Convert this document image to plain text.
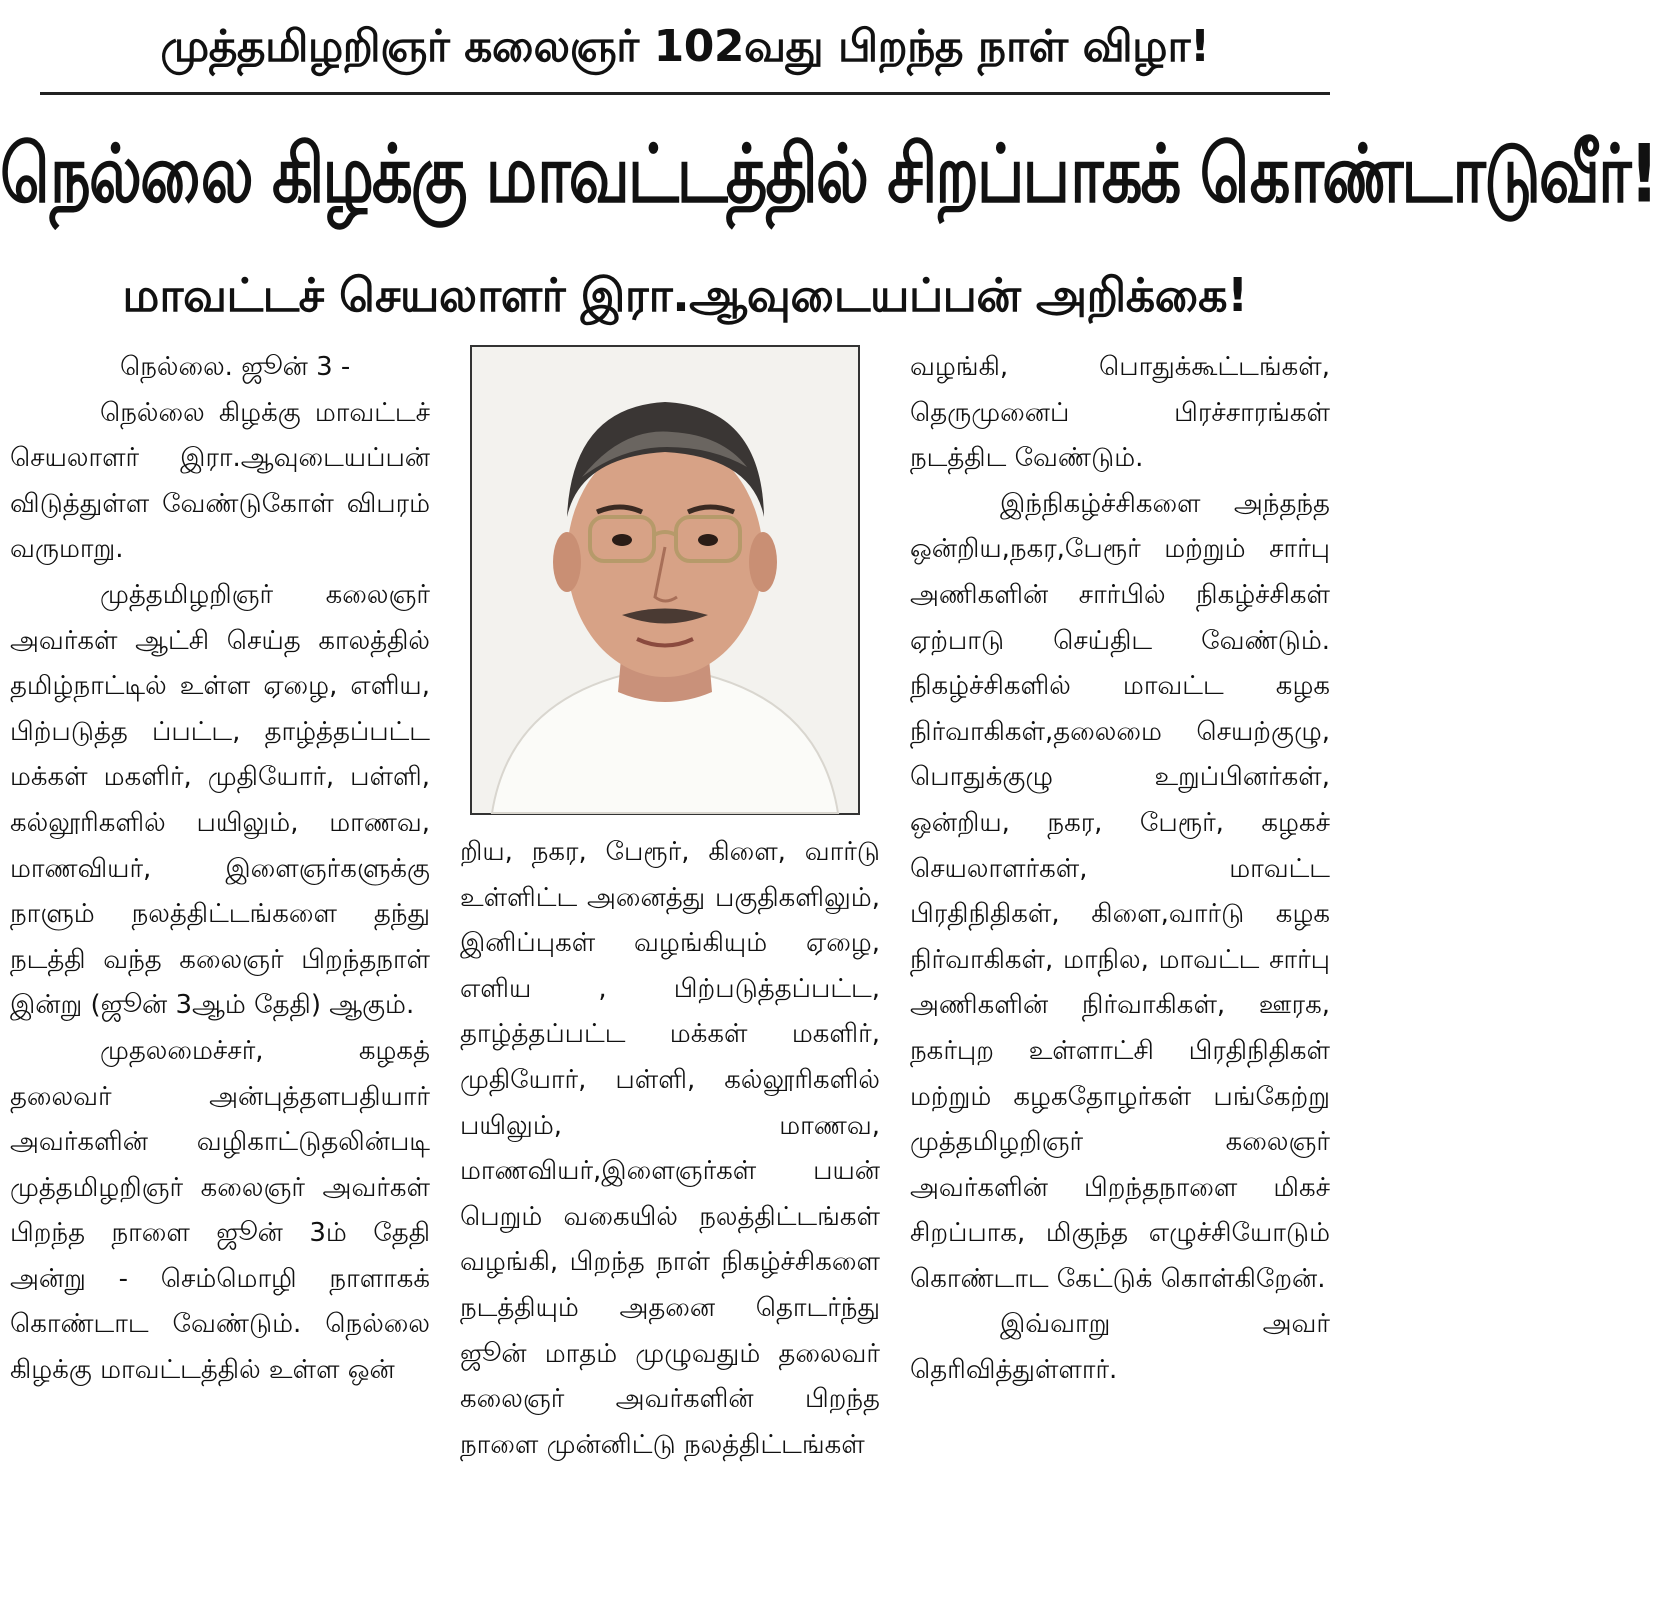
முத்தமிழறிஞர் கலைஞர் 102வது பிறந்த நாள் விழா!
நெல்லை கிழக்கு மாவட்டத்தில் சிறப்பாகக் கொண்டாடுவீர்!
மாவட்டச் செயலாளர் இரா.ஆவுடையப்பன் அறிக்கை!

நெல்லை. ஜூன் 3 -

நெல்லை கிழக்கு மாவட்டச் செயலாளர் இரா.ஆவுடையப்பன் விடுத்துள்ள வேண்டுகோள் விபரம் வருமாறு.

முத்தமிழறிஞர் கலைஞர் அவர்கள் ஆட்சி செய்த காலத்தில் தமிழ்நாட்டில் உள்ள ஏழை, எளிய, பிற்படுத்த ப்பட்ட, தாழ்த்தப்பட்ட மக்கள் மகளிர், முதியோர், பள்ளி, கல்லூரிகளில் பயிலும், மாணவ, மாணவியர், இளைஞர்களுக்கு நாளும் நலத்திட்டங்களை தந்து நடத்தி வந்த கலைஞர் பிறந்தநாள் இன்று (ஜூன் 3ஆம் தேதி) ஆகும்.

முதலமைச்சர், கழகத் தலைவர் அன்புத்தளபதியார் அவர்களின் வழிகாட்டுதலின்படி முத்தமிழறிஞர் கலைஞர் அவர்கள் பிறந்த நாளை ஜூன் 3ம் தேதி அன்று - செம்மொழி நாளாகக் கொண்டாட வேண்டும். நெல்லை கிழக்கு மாவட்டத்தில் உள்ள ஒன்

றிய, நகர, பேரூர், கிளை, வார்டு உள்ளிட்ட அனைத்து பகுதிகளிலும், இனிப்புகள் வழங்கியும் ஏழை, எளிய , பிற்படுத்தப்பட்ட, தாழ்த்தப்பட்ட மக்கள் மகளிர், முதியோர், பள்ளி, கல்லூரிகளில் பயிலும், மாணவ, மாணவியர்,இளைஞர்கள் பயன் பெறும் வகையில் நலத்திட்டங்கள் வழங்கி, பிறந்த நாள் நிகழ்ச்சிகளை நடத்தியும் அதனை தொடர்ந்து ஜூன் மாதம் முழுவதும் தலைவர் கலைஞர் அவர்களின் பிறந்த நாளை முன்னிட்டு நலத்திட்டங்கள்

வழங்கி, பொதுக்கூட்டங்கள், தெருமுனைப் பிரச்சாரங்கள் நடத்திட வேண்டும்.

இந்நிகழ்ச்சிகளை அந்தந்த ஒன்றிய,நகர,பேரூர் மற்றும் சார்பு அணிகளின் சார்பில் நிகழ்ச்சிகள் ஏற்பாடு செய்திட வேண்டும். நிகழ்ச்சிகளில் மாவட்ட கழக நிர்வாகிகள்,தலைமை செயற்குழு, பொதுக்குழு உறுப்பினர்கள், ஒன்றிய, நகர, பேரூர், கழகச் செயலாளர்கள், மாவட்ட பிரதிநிதிகள், கிளை,வார்டு கழக நிர்வாகிகள், மாநில, மாவட்ட சார்பு அணிகளின் நிர்வாகிகள், ஊரக, நகர்புற உள்ளாட்சி பிரதிநிதிகள் மற்றும் கழகதோழர்கள் பங்கேற்று முத்தமிழறிஞர் கலைஞர் அவர்களின் பிறந்தநாளை மிகச் சிறப்பாக, மிகுந்த எழுச்சியோடும் கொண்டாட கேட்டுக் கொள்கிறேன்.

இவ்வாறு அவர் தெரிவித்துள்ளார்.
